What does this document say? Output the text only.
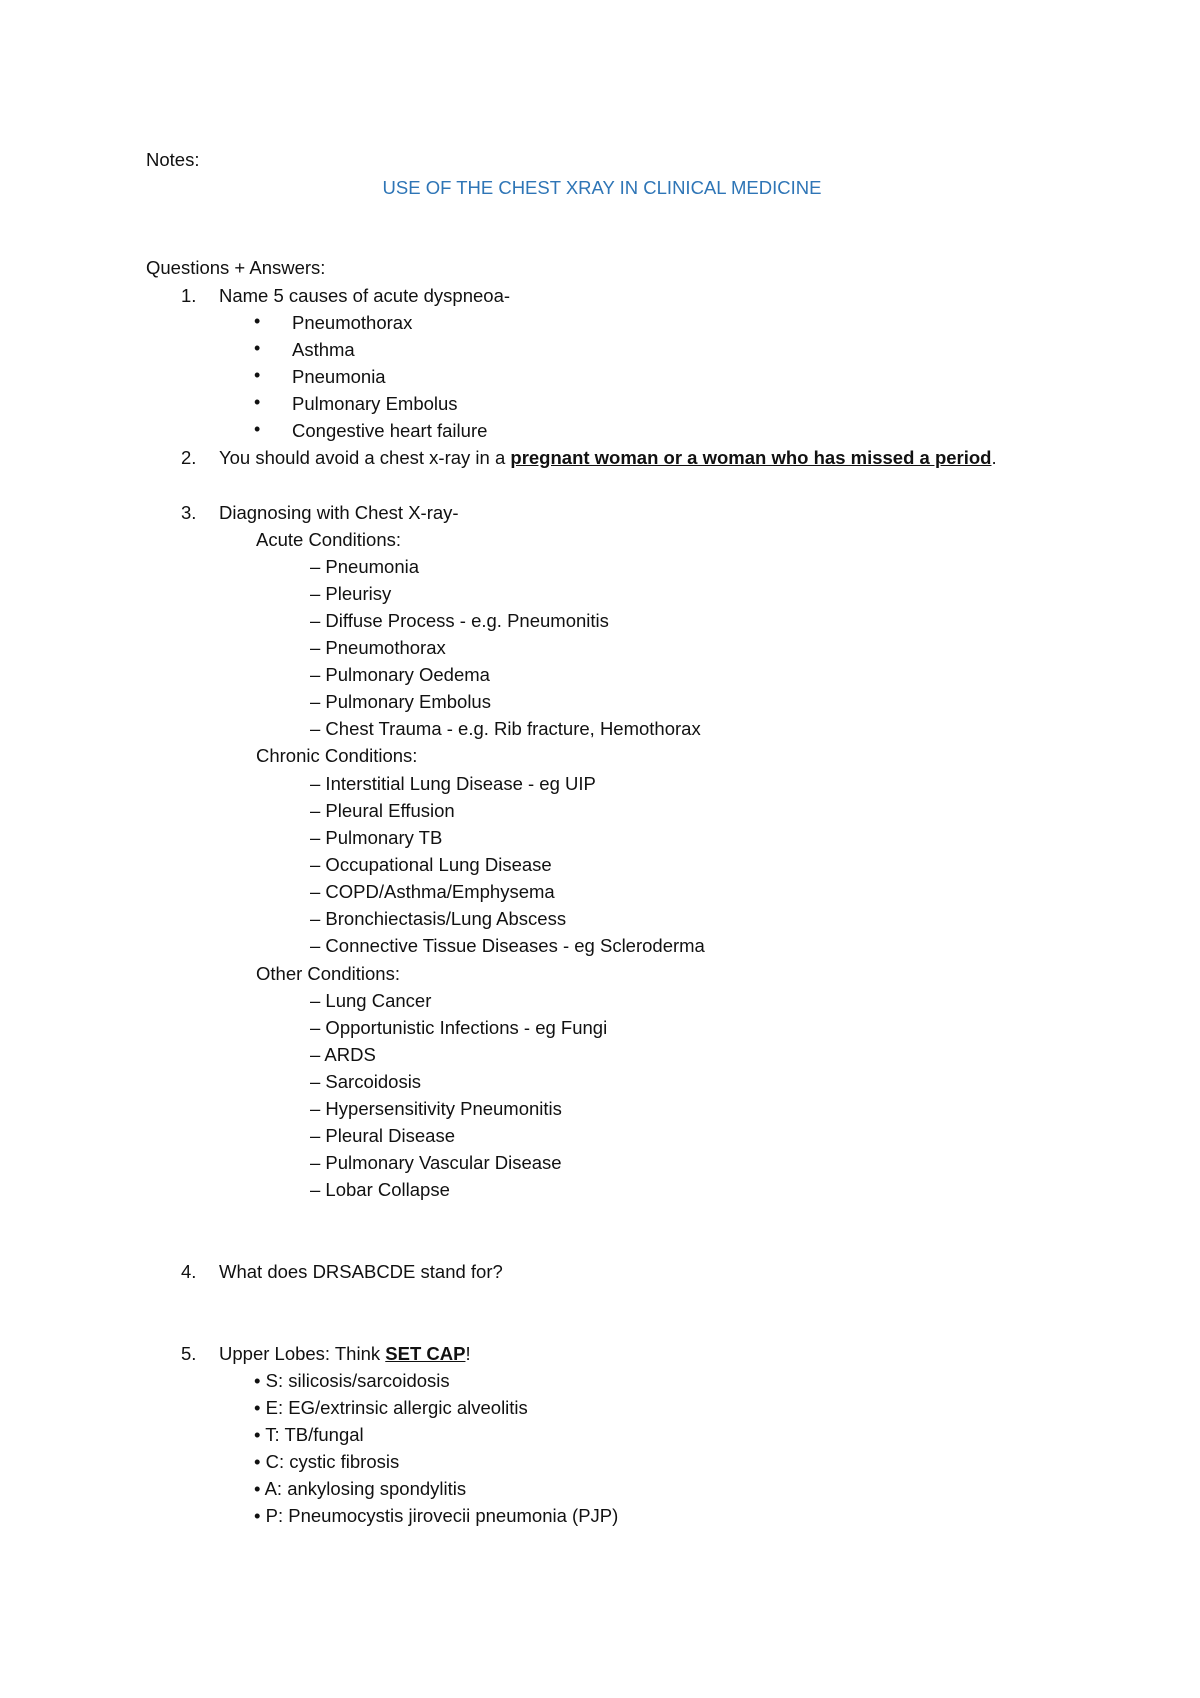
Notes:
USE OF THE CHEST XRAY IN CLINICAL MEDICINE
Questions + Answers:
1.	Name 5 causes of acute dyspneoa-
• Pneumothorax
• Asthma
• Pneumonia
• Pulmonary Embolus
• Congestive heart failure
2.	You should avoid a chest x-ray in a pregnant woman or a woman who has missed a period.
3.	Diagnosing with Chest X-ray-
Acute Conditions:
– Pneumonia
– Pleurisy
– Diffuse Process - e.g. Pneumonitis
– Pneumothorax
– Pulmonary Oedema
– Pulmonary Embolus
– Chest Trauma - e.g. Rib fracture, Hemothorax
Chronic Conditions:
– Interstitial Lung Disease - eg UIP
– Pleural Effusion
– Pulmonary TB
– Occupational Lung Disease
– COPD/Asthma/Emphysema
– Bronchiectasis/Lung Abscess
– Connective Tissue Diseases - eg Scleroderma
Other Conditions:
– Lung Cancer
– Opportunistic Infections - eg Fungi
– ARDS
– Sarcoidosis
– Hypersensitivity Pneumonitis
– Pleural Disease
– Pulmonary Vascular Disease
– Lobar Collapse
4.	What does DRSABCDE stand for?
5.	Upper Lobes: Think SET CAP!
• S: silicosis/sarcoidosis
• E: EG/extrinsic allergic alveolitis
• T: TB/fungal
• C: cystic fibrosis
• A: ankylosing spondylitis
• P: Pneumocystis jirovecii pneumonia (PJP)
